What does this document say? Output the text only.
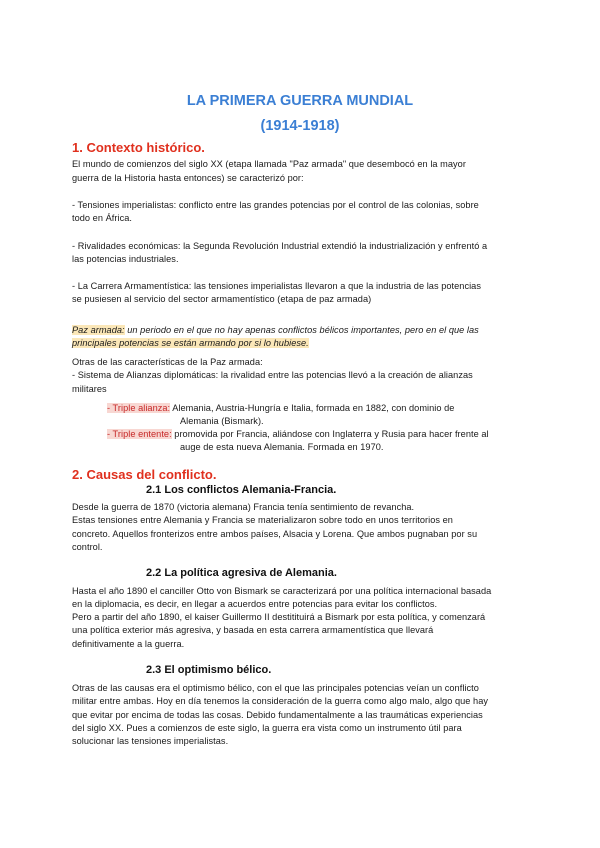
LA PRIMERA GUERRA MUNDIAL
(1914-1918)
1. Contexto histórico.
El mundo de comienzos del siglo XX (etapa llamada "Paz armada" que desembocó en la mayor
guerra de la Historia hasta entonces) se caracterizó por:
- Tensiones imperialistas: conflicto entre las grandes potencias por el control de las colonias, sobre
todo en África.
- Rivalidades económicas: la Segunda Revolución Industrial extendió la industrialización y enfrentó a
las potencias industriales.
- La Carrera Armamentística: las tensiones imperialistas llevaron a que la industria de las potencias
se pusiesen al servicio del sector armamentístico (etapa de paz armada)
Paz armada: un periodo en el que no hay apenas conflictos bélicos importantes, pero en el que las
principales potencias se están armando por si lo hubiese.
Otras de las características de la Paz armada:
- Sistema de Alianzas diplomáticas: la rivalidad entre las potencias llevó a la creación de alianzas
militares
- Triple alianza: Alemania, Austria-Hungría e Italia, formada en 1882, con dominio de
Alemania (Bismark).
- Triple entente: promovida por Francia, aliándose con Inglaterra y Rusia para hacer frente al
auge de esta nueva Alemania. Formada en 1970.
2. Causas del conflicto.
2.1 Los conflictos Alemania-Francia.
Desde la guerra de 1870 (victoria alemana) Francia tenía sentimiento de revancha.
Estas tensiones entre Alemania y Francia se materializaron sobre todo en unos territorios en
concreto. Aquellos fronterizos entre ambos países, Alsacia y Lorena. Que ambos pugnaban por su
control.
2.2 La política agresiva de Alemania.
Hasta el año 1890 el canciller Otto von Bismark se caracterizará por una política internacional basada
en la diplomacia, es decir, en llegar a acuerdos entre potencias para evitar los conflictos.
Pero a partir del año 1890, el kaiser Guillermo II destitituirá a Bismark por esta política, y comenzará
una política exterior más agresiva, y basada en esta carrera armamentística que llevará
definitivamente a la guerra.
2.3 El optimismo bélico.
Otras de las causas era el optimismo bélico, con el que las principales potencias veían un conflicto
militar entre ambas. Hoy en día tenemos la consideración de la guerra como algo malo, algo que hay
que evitar por encima de todas las cosas. Debido fundamentalmente a las traumáticas experiencias
del siglo XX. Pues a comienzos de este siglo, la guerra era vista como un instrumento útil para
solucionar las tensiones imperialistas.
